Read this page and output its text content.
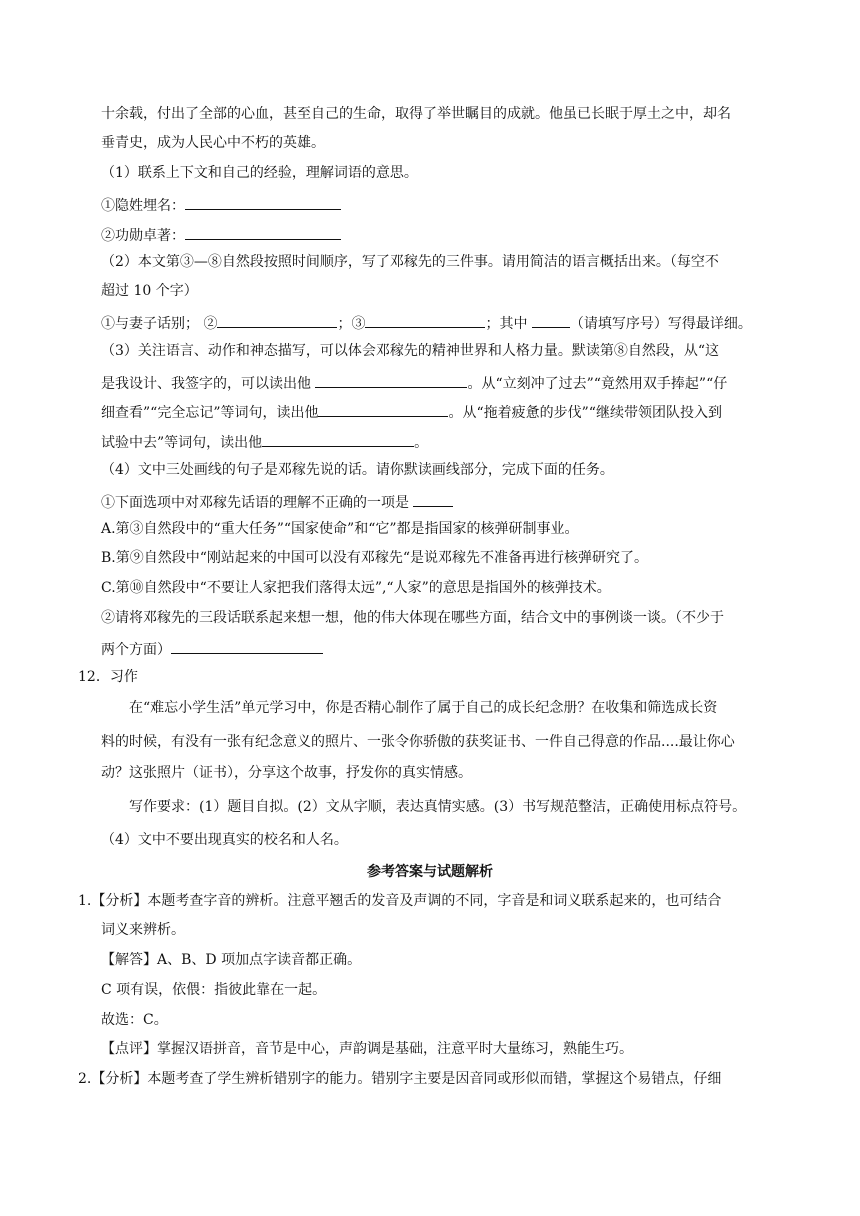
十余载，付出了全部的心血，甚至自己的生命，取得了举世瞩目的成就。他虽已长眠于厚土之中，却名
垂青史，成为人民心中不朽的英雄。
（1）联系上下文和自己的经验，理解词语的意思。
①隐姓埋名：
②功勋卓著：
（2）本文第③—⑧自然段按照时间顺序，写了邓稼先的三件事。请用简洁的语言概括出来。（每空不
超过 10 个字）
①与妻子话别； ②	；③	；其中	（请填写序号）写得最详细。
（3）关注语言、动作和神态描写，可以体会邓稼先的精神世界和人格力量。默读第⑧自然段，从“这
是我设计、我签字的，可以读出他	。从“立刻冲了过去”“竟然用双手捧起”“仔
细查看”“完全忘记”等词句，读出他	。从“拖着疲惫的步伐”“继续带领团队投入到
试验中去”等词句，读出他	。
（4）文中三处画线的句子是邓稼先说的话。请你默读画线部分，完成下面的任务。
①下面选项中对邓稼先话语的理解不正确的一项是
A.第③自然段中的“重大任务”“国家使命”和“它”都是指国家的核弹研制事业。
B.第⑨自然段中“刚站起来的中国可以没有邓稼先“是说邓稼先不准备再进行核弹研究了。
C.第⑩自然段中“不要让人家把我们落得太远”,“人家”的意思是指国外的核弹技术。
②请将邓稼先的三段话联系起来想一想，他的伟大体现在哪些方面，结合文中的事例谈一谈。（不少于
两个方面）
12．习作
在“难忘小学生活”单元学习中，你是否精心制作了属于自己的成长纪念册？在收集和筛选成长资
料的时候，有没有一张有纪念意义的照片、一张令你骄傲的获奖证书、一件自己得意的作品....最让你心
动？这张照片（证书），分享这个故事，抒发你的真实情感。
写作要求：(1）题目自拟。(2）文从字顺，表达真情实感。(3）书写规范整洁，正确使用标点符号。
（4）文中不要出现真实的校名和人名。
参考答案与试题解析
1.【分析】本题考查字音的辨析。注意平翘舌的发音及声调的不同，字音是和词义联系起来的，也可结合
词义来辨析。
【解答】A、B、D 项加点字读音都正确。
C 项有误，依偎：指彼此靠在一起。
故选：C。
【点评】掌握汉语拼音，音节是中心，声韵调是基础，注意平时大量练习，熟能生巧。
2.【分析】本题考查了学生辨析错别字的能力。错别字主要是因音同或形似而错，掌握这个易错点，仔细
